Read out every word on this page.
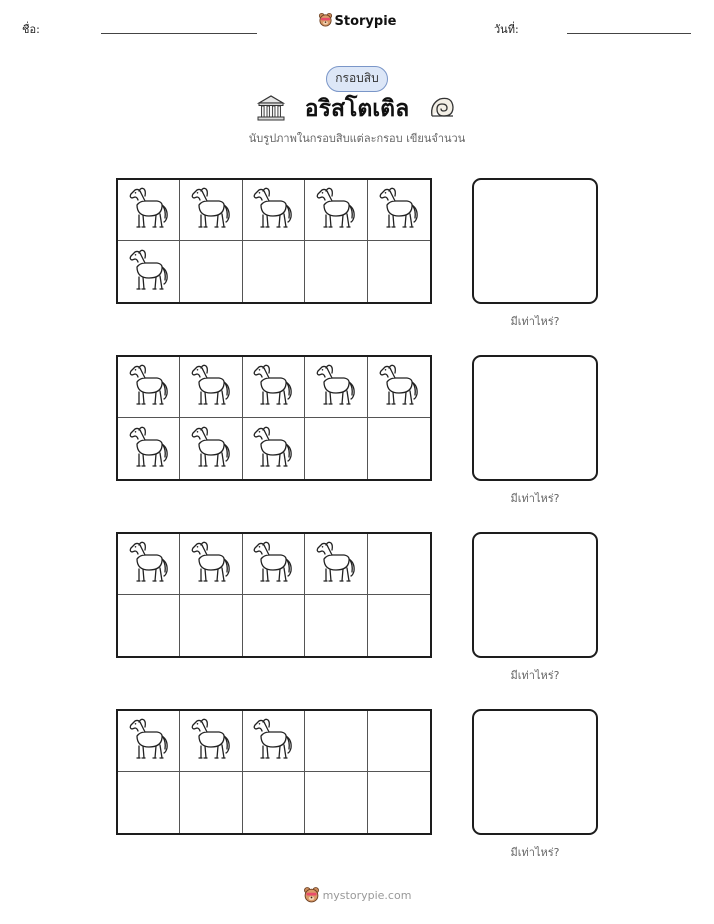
ชื่อ:
Storypie
วันที่:
กรอบสิบ
อริสโตเติล
นับรูปภาพในกรอบสิบแต่ละกรอบ เขียนจำนวน
มีเท่าไหร่?
มีเท่าไหร่?
มีเท่าไหร่?
มีเท่าไหร่?
mystorypie.com
